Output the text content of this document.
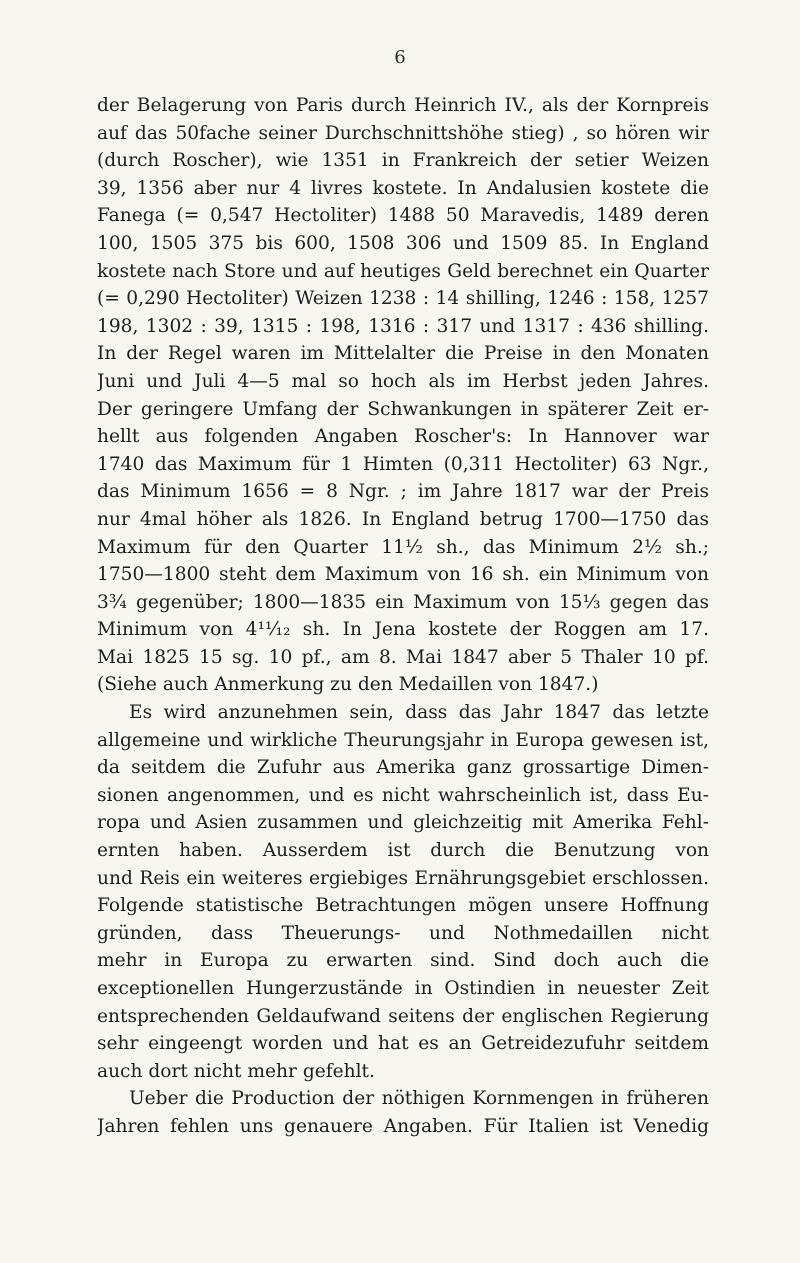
6
der Belagerung von Paris durch Heinrich IV., als der Kornpreis
auf das 50fache seiner Durchschnittshöhe stieg) , so hören wir
(durch Roscher), wie 1351 in Frankreich der setier Weizen
39, 1356 aber nur 4 livres kostete. In Andalusien kostete die
Fanega (= 0,547 Hectoliter) 1488 50 Maravedis, 1489 deren
100, 1505 375 bis 600, 1508 306 und 1509 85. In England
kostete nach Store und auf heutiges Geld berechnet ein Quarter
(= 0,290 Hectoliter) Weizen 1238 : 14 shilling, 1246 : 158, 1257
198, 1302 : 39, 1315 : 198, 1316 : 317 und 1317 : 436 shilling.
In der Regel waren im Mittelalter die Preise in den Monaten
Juni und Juli 4—5 mal so hoch als im Herbst jeden Jahres.
Der geringere Umfang der Schwankungen in späterer Zeit er-
hellt aus folgenden Angaben Roscher's: In Hannover war
1740 das Maximum für 1 Himten (0,311 Hectoliter) 63 Ngr.,
das Minimum 1656 = 8 Ngr. ; im Jahre 1817 war der Preis
nur 4mal höher als 1826. In England betrug 1700—1750 das
Maximum für den Quarter 11½ sh., das Minimum 2½ sh.;
1750—1800 steht dem Maximum von 16 sh. ein Minimum von
3¾ gegenüber; 1800—1835 ein Maximum von 15⅓ gegen das
Minimum von 4¹¹⁄₁₂ sh. In Jena kostete der Roggen am 17.
Mai 1825 15 sg. 10 pf., am 8. Mai 1847 aber 5 Thaler 10 pf.
(Siehe auch Anmerkung zu den Medaillen von 1847.)
Es wird anzunehmen sein, dass das Jahr 1847 das letzte
allgemeine und wirkliche Theurungsjahr in Europa gewesen ist,
da seitdem die Zufuhr aus Amerika ganz grossartige Dimen-
sionen angenommen, und es nicht wahrscheinlich ist, dass Eu-
ropa und Asien zusammen und gleichzeitig mit Amerika Fehl-
ernten haben. Ausserdem ist durch die Benutzung von
und Reis ein weiteres ergiebiges Ernährungsgebiet erschlossen.
Folgende statistische Betrachtungen mögen unsere Hoffnung
gründen, dass Theuerungs- und Nothmedaillen nicht
mehr in Europa zu erwarten sind. Sind doch auch die
exceptionellen Hungerzustände in Ostindien in neuester Zeit
entsprechenden Geldaufwand seitens der englischen Regierung
sehr eingeengt worden und hat es an Getreidezufuhr seitdem
auch dort nicht mehr gefehlt.
Ueber die Production der nöthigen Kornmengen in früheren
Jahren fehlen uns genauere Angaben. Für Italien ist Venedig
